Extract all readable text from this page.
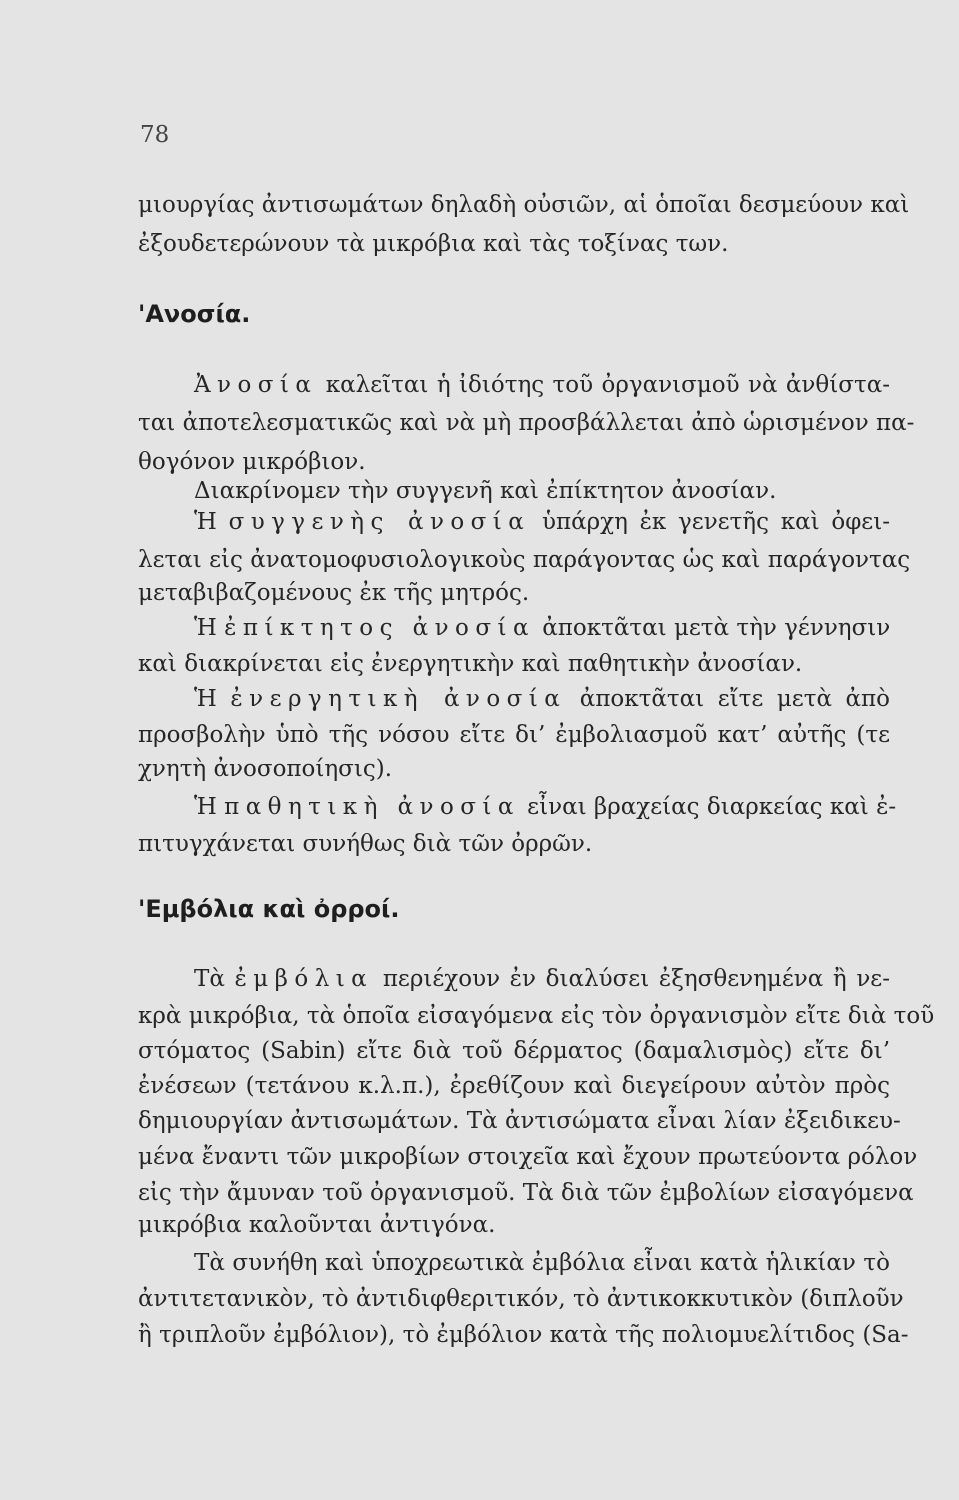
78
μιουργίας ἀντισωμάτων δηλαδὴ οὐσιῶν, αἱ ὁποῖαι δεσμεύουν καὶ
ἐξουδετερώνουν τὰ μικρόβια καὶ τὰς τοξίνας των.
'Ανοσία.
Ἀνοσία καλεῖται ἡ ἰδιότης τοῦ ὀργανισμοῦ νὰ ἀνθίστα-
ται ἀποτελεσματικῶς καὶ νὰ μὴ προσβάλλεται ἀπὸ ὡρισμένον πα-
θογόνον μικρόβιον.
Διακρίνομεν τὴν συγγενῆ καὶ ἐπίκτητον ἀνοσίαν.
Ἡ συγγενὴς ἀνοσία ὑπάρχη ἐκ γενετῆς καὶ ὀφει-
λεται εἰς ἀνατομοφυσιολογικοὺς παράγοντας ὡς καὶ παράγοντας
μεταβιβαζομένους ἐκ τῆς μητρός.
Ἡ ἐπίκτητος ἀνοσία ἀποκτᾶται μετὰ τὴν γέννησιν
καὶ διακρίνεται εἰς ἐνεργητικὴν καὶ παθητικὴν ἀνοσίαν.
Ἡ ἐνεργητικὴ ἀνοσία ἀποκτᾶται εἴτε μετὰ ἀπὸ
προσβολὴν ὑπὸ τῆς νόσου εἴτε δι’ ἐμβολιασμοῦ κατ’ αὐτῆς (τε
χνητὴ ἀνοσοποίησις).
Ἡ παθητικὴ ἀνοσία εἶναι βραχείας διαρκείας καὶ ἐ-
πιτυγχάνεται συνήθως διὰ τῶν ὀρρῶν.
'Εμβόλια καὶ ὀρροί.
Τὰ ἐμβόλια περιέχουν ἐν διαλύσει ἐξησθενημένα ἢ νε-
κρὰ μικρόβια, τὰ ὁποῖα εἰσαγόμενα εἰς τὸν ὀργανισμὸν εἴτε διὰ τοῦ
στόματος (Sabin) εἴτε διὰ τοῦ δέρματος (δαμαλισμὸς) εἴτε δι’
ἐνέσεων (τετάνου κ.λ.π.), ἐρεθίζουν καὶ διεγείρουν αὐτὸν πρὸς
δημιουργίαν ἀντισωμάτων. Τὰ ἀντισώματα εἶναι λίαν ἐξειδικευ-
μένα ἔναντι τῶν μικροβίων στοιχεῖα καὶ ἔχουν πρωτεύοντα ρόλον
εἰς τὴν ἄμυναν τοῦ ὀργανισμοῦ. Τὰ διὰ τῶν ἐμβολίων εἰσαγόμενα
μικρόβια καλοῦνται ἀντιγόνα.
Τὰ συνήθη καὶ ὑποχρεωτικὰ ἐμβόλια εἶναι κατὰ ἡλικίαν τὸ
ἀντιτετανικὸν, τὸ ἀντιδιφθεριτικόν, τὸ ἀντικοκκυτικὸν (διπλοῦν
ἢ τριπλοῦν ἐμβόλιον), τὸ ἐμβόλιον κατὰ τῆς πολιομυελίτιδος (Sa-
